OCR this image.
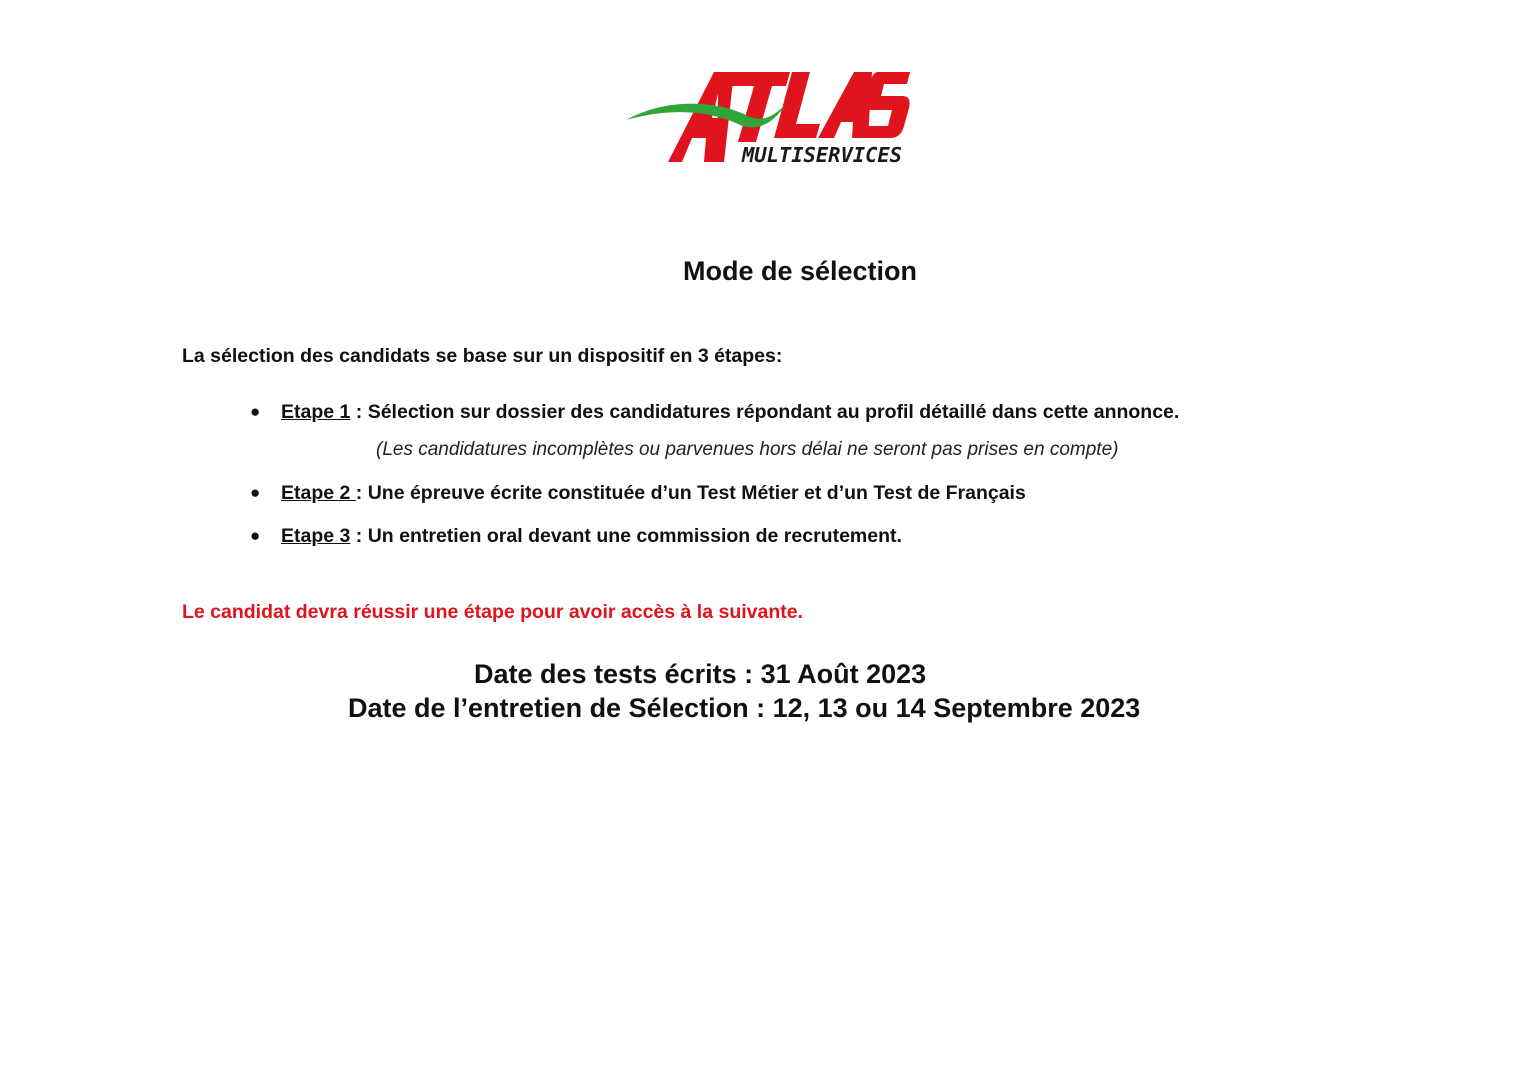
MULTISERVICES
Mode de sélection
La sélection des candidats se base sur un dispositif en 3 étapes:
● Etape 1 : Sélection sur dossier des candidatures répondant au profil détaillé dans cette annonce.
● Etape 2 : Une épreuve écrite constituée d’un Test Métier et d’un Test de Français
● Etape 3 : Un entretien oral devant une commission de recrutement.
(Les candidatures incomplètes ou parvenues hors délai ne seront pas prises en compte)
Le candidat devra réussir une étape pour avoir accès à la suivante.
Date des tests écrits : 31 Août 2023
Date de l’entretien de Sélection : 12, 13 ou 14 Septembre 2023
